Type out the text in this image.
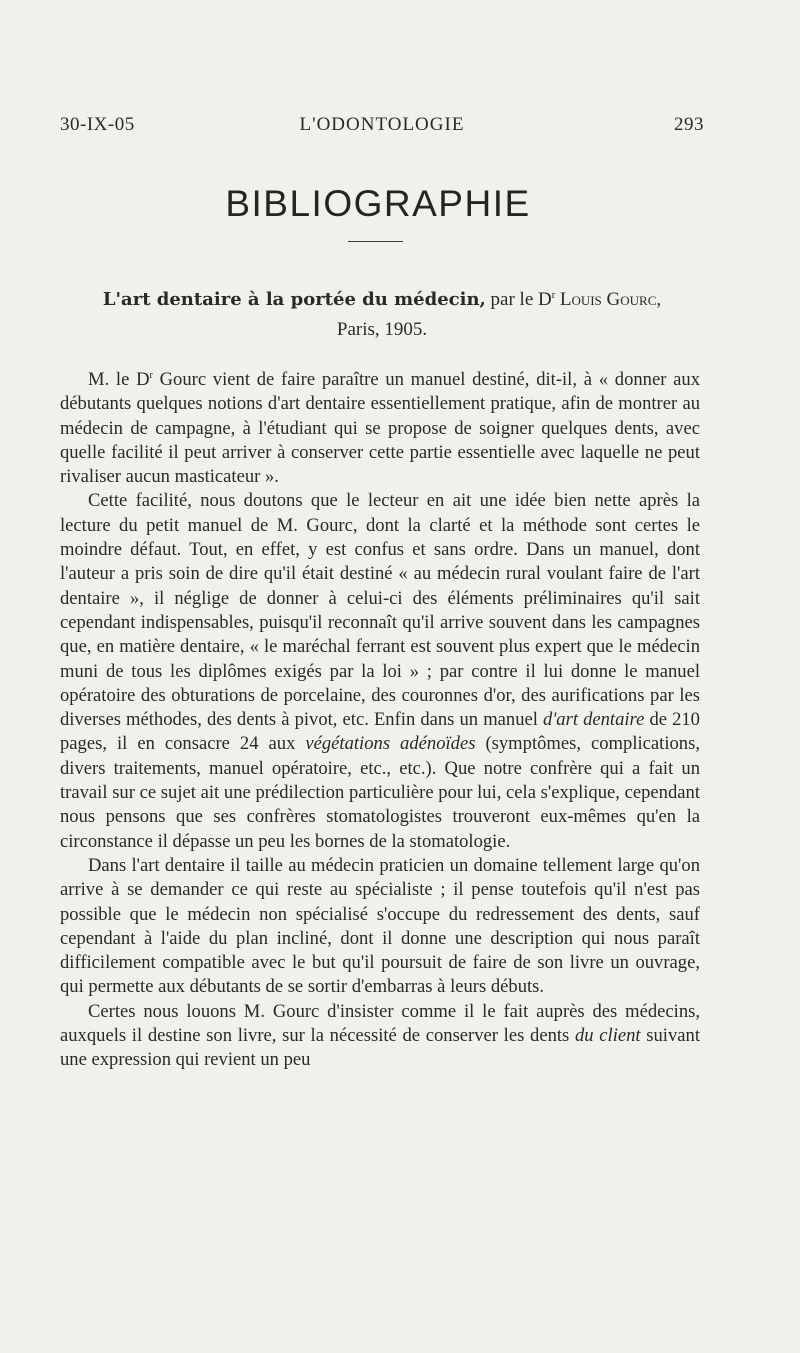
30-IX-05	L'ODONTOLOGIE	293
BIBLIOGRAPHIE
L'art dentaire à la portée du médecin, par le $D^r$ Louis Gourc,
Paris, 1905.

M. le $D^r$ Gourc vient de faire paraître un manuel destiné, dit-il, à « donner aux débutants quelques notions d'art dentaire essentiellement pratique, afin de montrer au médecin de campagne, à l'étudiant qui se propose de soigner quelques dents, avec quelle facilité il peut arriver à conserver cette partie essentielle avec laquelle ne peut rivaliser aucun masticateur ».

Cette facilité, nous doutons que le lecteur en ait une idée bien nette après la lecture du petit manuel de M. Gourc, dont la clarté et la méthode sont certes le moindre défaut. Tout, en effet, y est confus et sans ordre. Dans un manuel, dont l'auteur a pris soin de dire qu'il était destiné « au médecin rural voulant faire de l'art dentaire », il néglige de donner à celui-ci des éléments préliminaires qu'il sait cependant indispensables, puisqu'il reconnaît qu'il arrive souvent dans les campagnes que, en matière dentaire, « le maréchal ferrant est souvent plus expert que le médecin muni de tous les diplômes exigés par la loi » ; par contre il lui donne le manuel opératoire des obturations de porcelaine, des couronnes d'or, des aurifications par les diverses méthodes, des dents à pivot, etc. Enfin dans un manuel d'art dentaire de 210 pages, il en consacre 24 aux végétations adénoïdes (symptômes, complications, divers traitements, manuel opératoire, etc., etc.). Que notre confrère qui a fait un travail sur ce sujet ait une prédilection particulière pour lui, cela s'explique, cependant nous pensons que ses confrères stomatologistes trouveront eux-mêmes qu'en la circonstance il dépasse un peu les bornes de la stomatologie.

Dans l'art dentaire il taille au médecin praticien un domaine tellement large qu'on arrive à se demander ce qui reste au spécialiste ; il pense toutefois qu'il n'est pas possible que le médecin non spécialisé s'occupe du redressement des dents, sauf cependant à l'aide du plan incliné, dont il donne une description qui nous paraît difficilement compatible avec le but qu'il poursuit de faire de son livre un ouvrage, qui permette aux débutants de se sortir d'embarras à leurs débuts.

Certes nous louons M. Gourc d'insister comme il le fait auprès des médecins, auxquels il destine son livre, sur la nécessité de conserver les dents du client suivant une expression qui revient un peu
